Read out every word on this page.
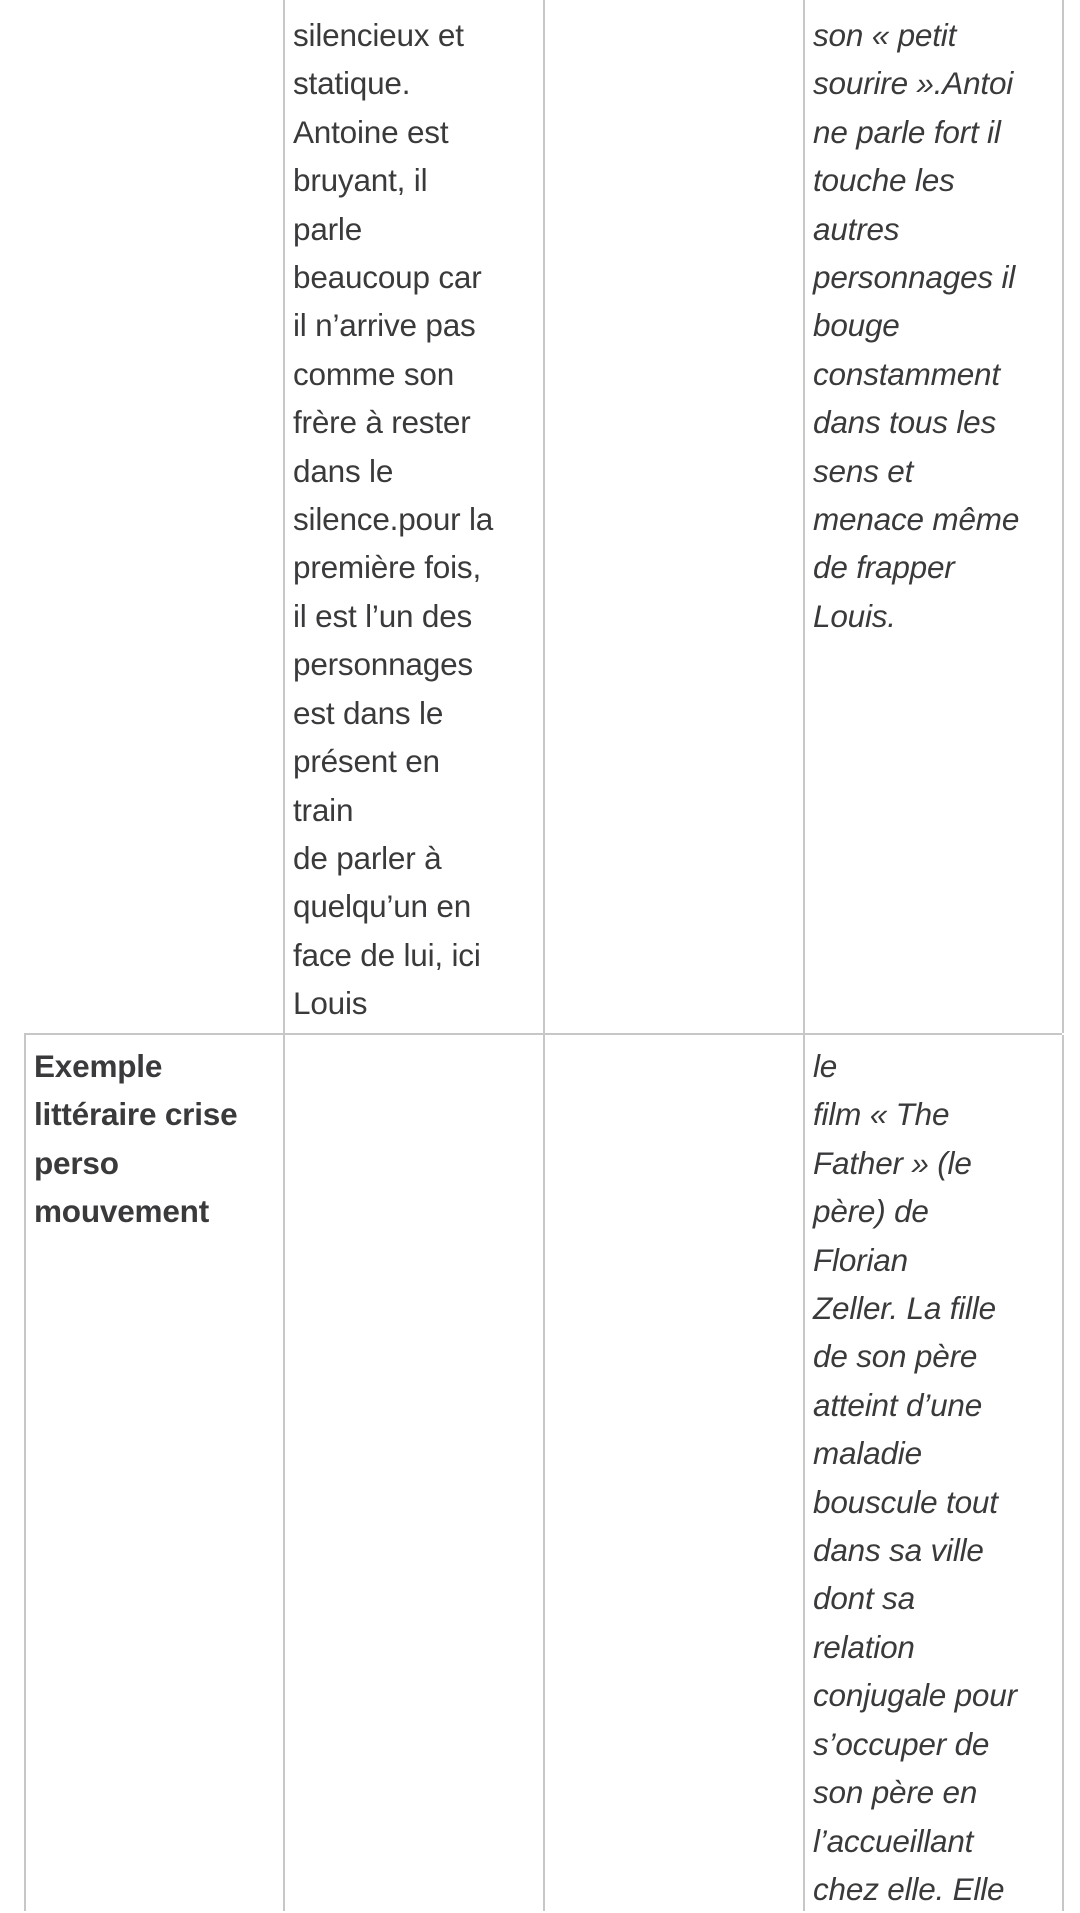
silencieux et
statique.
Antoine est
bruyant, il
parle
beaucoup car
il n’arrive pas
comme son
frère à rester
dans le
silence.pour la
première fois,
il est l’un des
personnages
est dans le
présent en
train
de parler à
quelqu’un en
face de lui, ici
Louis
son « petit
sourire ».Antoi
ne parle fort il
touche les
autres
personnages il
bouge
constamment
dans tous les
sens et
menace même
de frapper
Louis.
Exemple
littéraire crise
perso
mouvement
le
film « The
Father » (le
père) de
Florian
Zeller. La fille
de son père
atteint d’une
maladie
bouscule tout
dans sa ville
dont sa
relation
conjugale pour
s’occuper de
son père en
l’accueillant
chez elle. Elle
